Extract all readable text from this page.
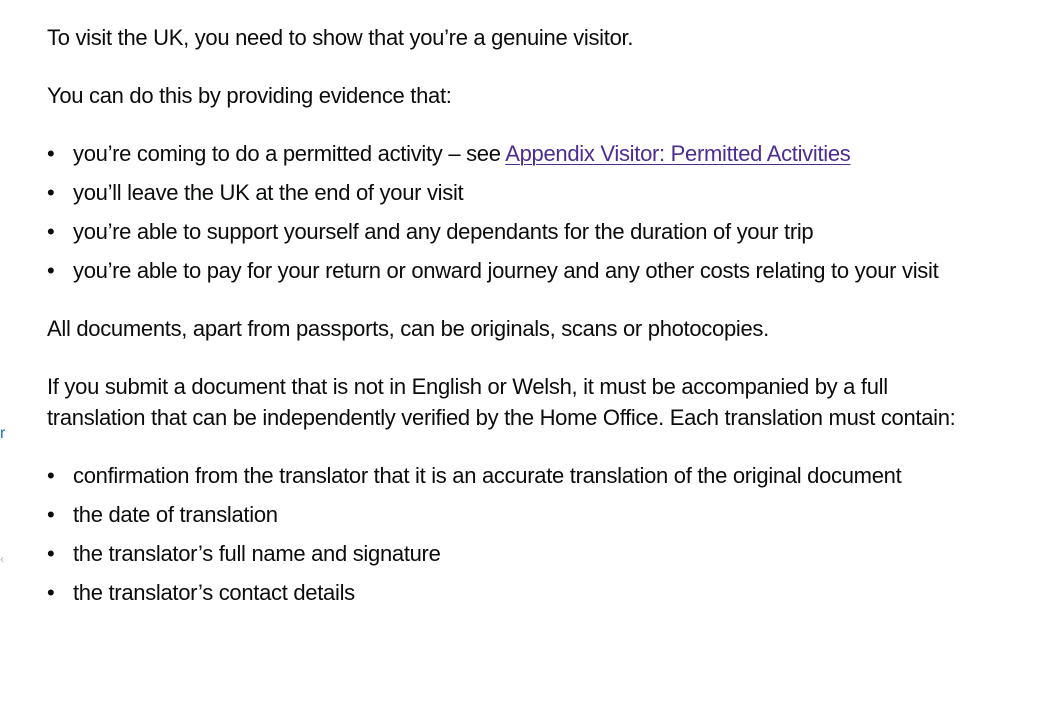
r
‹

To visit the UK, you need to show that you’re a genuine visitor.

You can do this by providing evidence that:

• you’re coming to do a permitted activity – see Appendix Visitor: Permitted Activities
• you’ll leave the UK at the end of your visit
• you’re able to support yourself and any dependants for the duration of your trip
• you’re able to pay for your return or onward journey and any other costs relating to your visit

All documents, apart from passports, can be originals, scans or photocopies.

If you submit a document that is not in English or Welsh, it must be accompanied by a full translation that can be independently verified by the Home Office. Each translation must contain:

• confirmation from the translator that it is an accurate translation of the original document
• the date of translation
• the translator’s full name and signature
• the translator’s contact details
